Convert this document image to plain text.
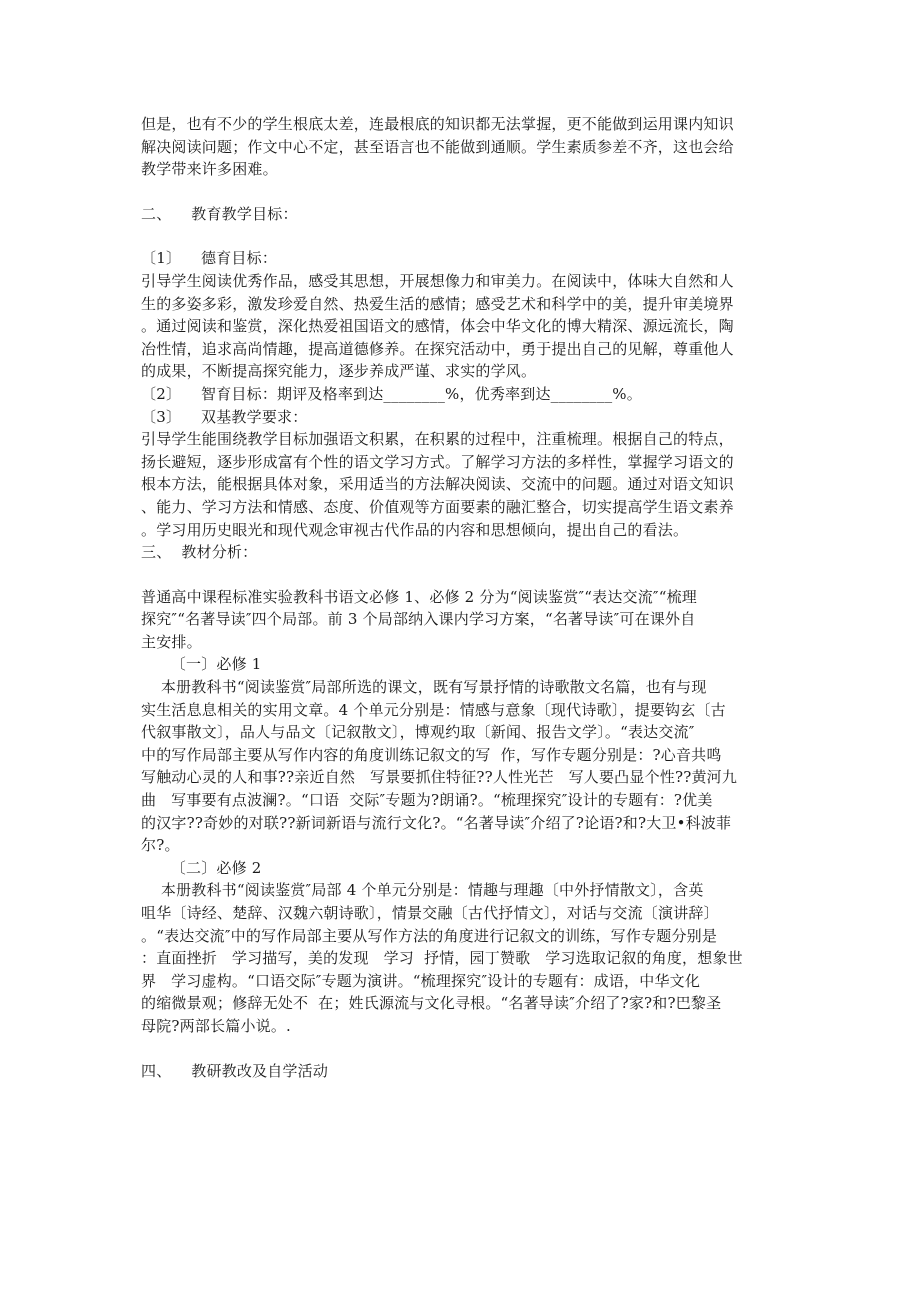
但是，也有不少的学生根底太差，连最根底的知识都无法掌握，更不能做到运用课内知识
解决阅读问题；作文中心不定，甚至语言也不能做到通顺。学生素质参差不齐，这也会给
教学带来许多困难。
二、    教育教学目标：
〔1〕    德育目标：
引导学生阅读优秀作品，感受其思想，开展想像力和审美力。在阅读中，体味大自然和人
生的多姿多彩，激发珍爱自然、热爱生活的感情；感受艺术和科学中的美，提升审美境界
。通过阅读和鉴赏，深化热爱祖国语文的感情，体会中华文化的博大精深、源远流长，陶
冶性情，追求高尚情趣，提高道德修养。在探究活动中，勇于提出自己的见解，尊重他人
的成果，不断提高探究能力，逐步养成严谨、求实的学风。
〔2〕    智育目标：期评及格率到达________%，优秀率到达________%。
〔3〕    双基教学要求：
引导学生能围绕教学目标加强语文积累，在积累的过程中，注重梳理。根据自己的特点，
扬长避短，逐步形成富有个性的语文学习方式。了解学习方法的多样性，掌握学习语文的
根本方法，能根据具体对象，采用适当的方法解决阅读、交流中的问题。通过对语文知识
、能力、学习方法和情感、态度、价值观等方面要素的融汇整合，切实提高学生语文素养
。学习用历史眼光和现代观念审视古代作品的内容和思想倾向，提出自己的看法。
三、  教材分析：
普通高中课程标准实验教科书语文必修 1、必修 2 分为“阅读鉴赏″“表达交流″“梳理
探究″“名著导读″四个局部。前 3 个局部纳入课内学习方案，“名著导读″可在课外自
主安排。
〔一〕必修 1
本册教科书“阅读鉴赏″局部所选的课文，既有写景抒情的诗歌散文名篇，也有与现
实生活息息相关的实用文章。4 个单元分别是：情感与意象〔现代诗歌〕，提要钩玄〔古
代叙事散文〕，品人与品文〔记叙散文〕，博观约取〔新闻、报告文学〕。“表达交流″
中的写作局部主要从写作内容的角度训练记叙文的写  作，写作专题分别是：?心音共鸣
写触动心灵的人和事??亲近自然   写景要抓住特征??人性光芒   写人要凸显个性??黄河九
曲   写事要有点波澜?。“口语  交际″专题为?朗诵?。“梳理探究″设计的专题有：?优美
的汉字??奇妙的对联??新词新语与流行文化?。“名著导读″介绍了?论语?和?大卫•科波菲
尔?。
〔二〕必修 2
本册教科书“阅读鉴赏″局部 4 个单元分别是：情趣与理趣〔中外抒情散文〕，含英
咀华〔诗经、楚辞、汉魏六朝诗歌〕，情景交融〔古代抒情文〕，对话与交流〔演讲辞〕
。“表达交流″中的写作局部主要从写作方法的角度进行记叙文的训练，写作专题分别是
：直面挫折   学习描写，美的发现   学习  抒情，园丁赞歌   学习选取记叙的角度，想象世
界   学习虚构。“口语交际″专题为演讲。“梳理探究″设计的专题有：成语，中华文化
的缩微景观；修辞无处不  在；姓氏源流与文化寻根。“名著导读″介绍了?家?和?巴黎圣
母院?两部长篇小说。.
四、    教研教改及自学活动
